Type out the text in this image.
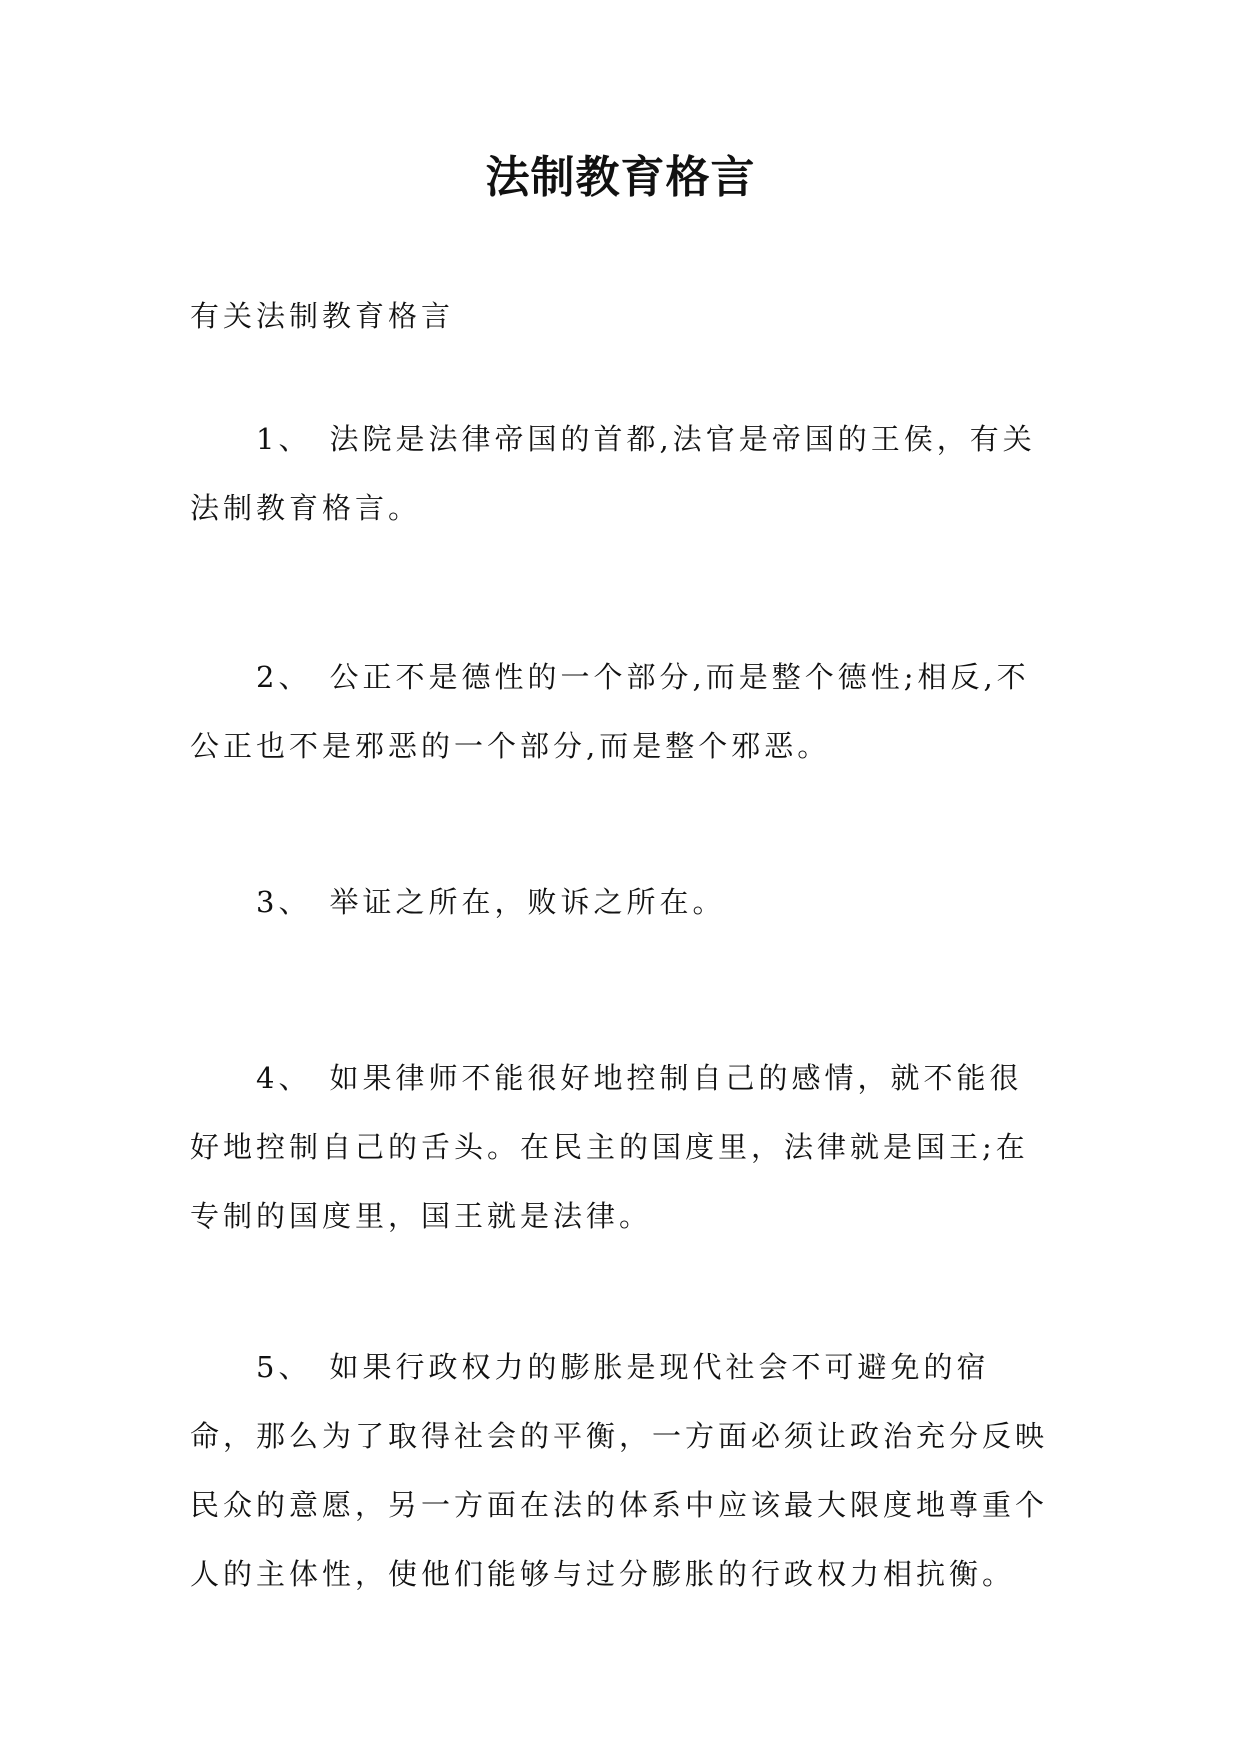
法制教育格言
有关法制教育格言
1、 法院是法律帝国的首都,法官是帝国的王侯，有关法制教育格言。
2、 公正不是德性的一个部分,而是整个德性;相反,不公正也不是邪恶的一个部分,而是整个邪恶。
3、 举证之所在，败诉之所在。
4、 如果律师不能很好地控制自己的感情，就不能很好地控制自己的舌头。在民主的国度里，法律就是国王;在专制的国度里，国王就是法律。
5、 如果行政权力的膨胀是现代社会不可避免的宿命，那么为了取得社会的平衡，一方面必须让政治充分反映民众的意愿，另一方面在法的体系中应该最大限度地尊重个人的主体性，使他们能够与过分膨胀的行政权力相抗衡。
